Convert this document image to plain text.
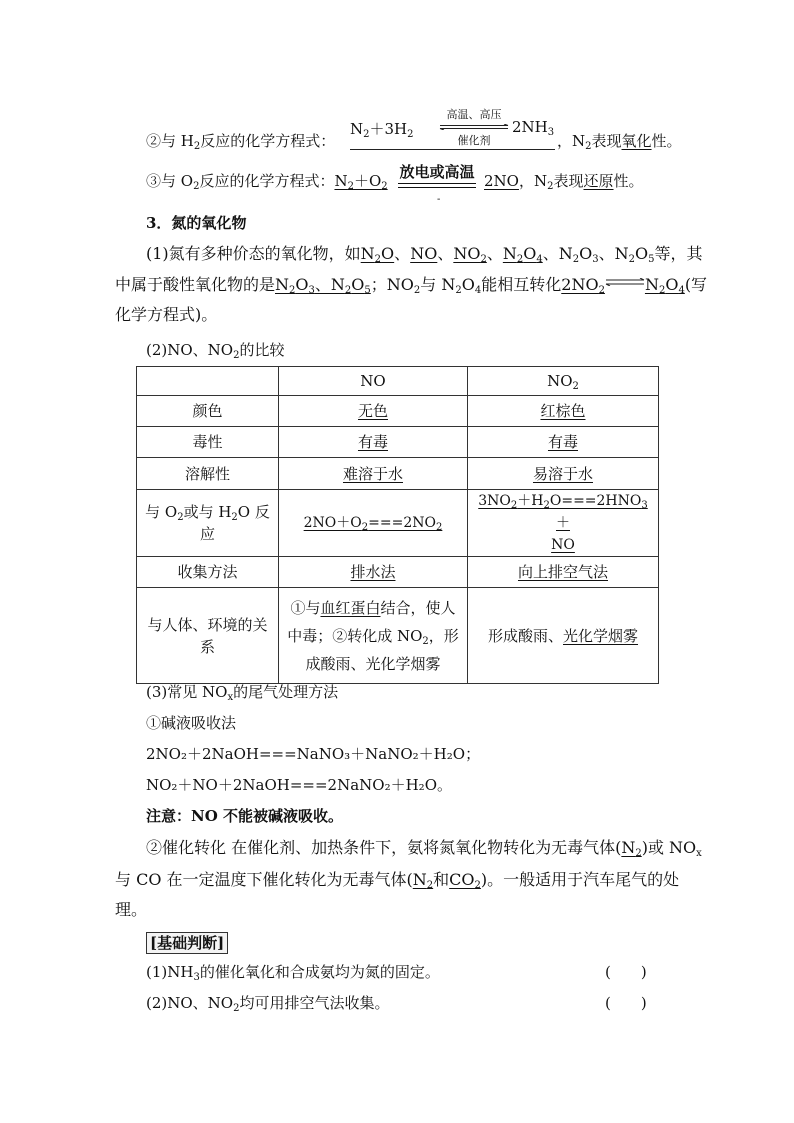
②与 $H_2$反应的化学方程式：
$N_2+3H_2$
高温、高压
催化剂
$2NH_3$ ，$N_2$表现氧化性。
③与 $O_2$反应的化学方程式：$N_2+O_2$
放电或高温
-
2NO，$N_2$表现还原性。
3．氮的氧化物
(1)氮有多种价态的氧化物，如$N_2O$、NO、$NO_2$、$N_2O_4$、$N_2O_3$、$N_2O_5$等，其
中属于酸性氧化物的是$N_2O_3$、$N_2O_5$；$NO_2$与 $N_2O_4$能相互转化$2NO_2\rightleftharpoons N_2O_4$(写
化学方程式)。
(2)NO、$NO_2$的比较
	NO	$NO_2$
颜色	无色	红棕色
毒性	有毒	有毒
溶解性	难溶于水	易溶于水
与 $O_2$或与 $H_2O$ 反
应	$2NO+O_2===2NO_2$	$3NO_2+H_2O===2HNO_3+$
NO
收集方法	排水法	向上排空气法
与人体、环境的关
系	①与血红蛋白结合，使人
中毒；②转化成 $NO_2$，形
成酸雨、光化学烟雾	形成酸雨、光化学烟雾
(3)常见 $NO_x$的尾气处理方法
①碱液吸收法
2NO₂＋2NaOH===NaNO₃＋NaNO₂＋H₂O；
NO₂＋NO＋2NaOH===2NaNO₂＋H₂O。
注意：NO 不能被碱液吸收。
②催化转化 在催化剂、加热条件下，氨将氮氧化物转化为无毒气体$(N_2)$或 $NO_x$
与 CO 在一定温度下催化转化为无毒气体($N_2$和$CO_2$)。一般适用于汽车尾气的处
理。
[基础判断]
$(1)NH_3$的催化氧化和合成氨均为氮的固定。	(　　)
(2)NO、$NO_2$均可用排空气法收集。	(　　)
